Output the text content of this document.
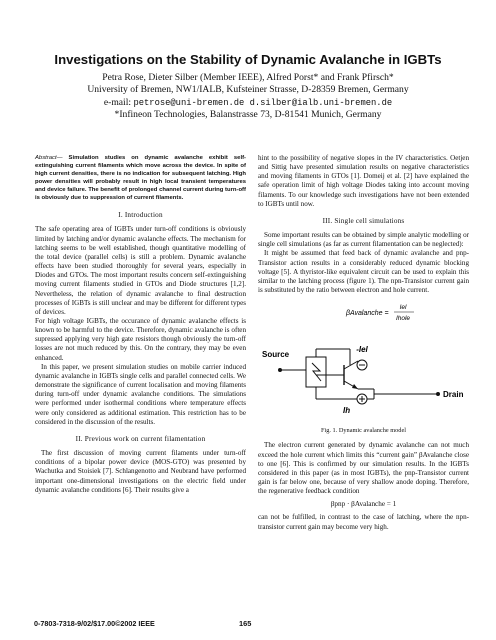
Investigations on the Stability of Dynamic Avalanche in IGBTs
Petra Rose, Dieter Silber (Member IEEE), Alfred Porst* and Frank Pfirsch*
University of Bremen, NW1/IALB, Kufsteiner Strasse, D-28359 Bremen, Germany
e-mail: petrose@uni-bremen.de d.silber@ialb.uni-bremen.de
*Infineon Technologies, Balanstrasse 73, D-81541 Munich, Germany
Abstract— Simulation studies on dynamic avalanche exhibit self-extinguishing current filaments which move across the device. In spite of high current densities, there is no indication for subsequent latching. High power densities will probably result in high local transient temperatures and device failure. The benefit of prolonged channel current during turn-off is obviously due to suppression of current filaments.
I. Introduction

The safe operating area of IGBTs under turn-off conditions is obviously limited by latching and/or dynamic avalanche effects. The mechanism for latching seems to be well established, though quantitative modelling of the total device (parallel cells) is still a problem. Dynamic avalanche effects have been studied thoroughly for several years, especially in Diodes and GTOs. The most important results concern self-extinguishing moving current filaments studied in GTOs and Diode structures [1,2]. Nevertheless, the relation of dynamic avalanche to final destruction processes of IGBTs is still unclear and may be different for different types of devices.

For high voltage IGBTs, the occurance of dynamic avalanche effects is known to be harmful to the device. Therefore, dynamic avalanche is often supressed applying very high gate resistors though obviously the turn-off losses are not much reduced by this. On the contrary, they may be even enhanced.

In this paper, we present simulation studies on mobile carrier induced dynamic avalanche in IGBTs single cells and parallel connected cells. We demonstrate the significance of current localisation and moving filaments during turn-off under dynamic avalanche conditions. The simulations were performed under isothermal conditions where temperature effects were only considered as additional estimation. This restriction has to be considered in the discussion of the results.

II. Previous work on current filamentation

The first discussion of moving current filaments under turn-off conditions of a bipolar power device (MOS-GTO) was presented by Wachutka and Stoisiek [7]. Schlangenotto and Neubrand have performed important one-dimensional investigations on the electric field under dynamic avalanche conditions [6]. Their results give a

hint to the possibility of negative slopes in the IV characteristics. Oetjen and Sittig have presented simulation results on negative characteristics and moving filaments in GTOs [1]. Domeij et al. [2] have explained the safe operation limit of high voltage Diodes taking into account moving filaments. To our knowledge such investigations have not been extended to IGBTs until now.

III. Single cell simulations

Some important results can be obtained by simple analytic modelling or single cell simulations (as far as current filamentation can be neglected):

It might be assumed that feed back of dynamic avalanche and pnp-Transistor action results in a considerably reduced dynamic blocking voltage [5]. A thyristor-like equivalent circuit can be used to explain this similar to the latching process (figure 1). The npn-Transistor current gain is substituted by the ratio between electron and hole current.

βAvalanche =
Iel
Ihole
Source
-Iel
Ih
Drain
Fig. 1. Dynamic avalanche model

The electron current generated by dynamic avalanche can not much exceed the hole current which limits this “current gain” βAvalanche close to one [6]. This is confirmed by our simulation results. In the IGBTs considered in this paper (as in most IGBTs), the pnp-Transistor current gain is far below one, because of very shallow anode doping. Therefore, the regenerative feedback condition

βpnp · βAvalanche = 1

can not be fulfilled, in contrast to the case of latching, where the npn-transistor current gain may become very high.

0-7803-7318-9/02/$17.00©2002 IEEE	165
